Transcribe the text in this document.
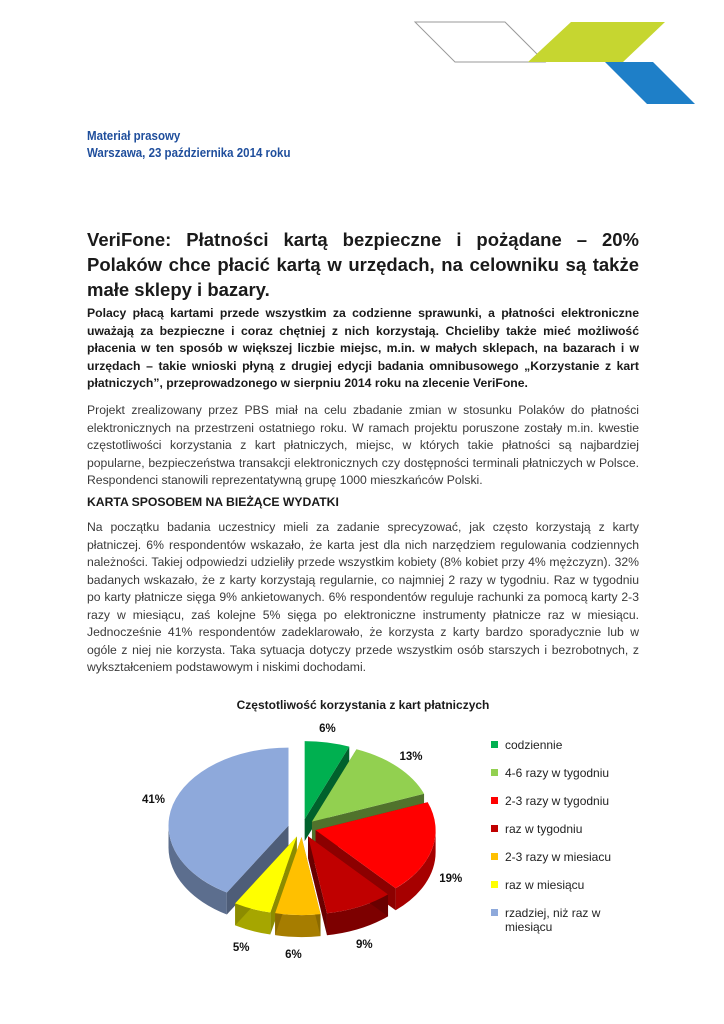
Materiał prasowy
Warszawa, 23 października 2014 roku
VeriFone: Płatności kartą bezpieczne i pożądane – 20% Polaków chce płacić kartą w urzędach, na celowniku są także małe sklepy i bazary.

Polacy płacą kartami przede wszystkim za codzienne sprawunki, a płatności elektroniczne uważają za bezpieczne i coraz chętniej z nich korzystają. Chcieliby także mieć możliwość płacenia w ten sposób w większej liczbie miejsc, m.in. w małych sklepach, na bazarach i w urzędach – takie wnioski płyną z drugiej edycji badania omnibusowego „Korzystanie z kart płatniczych”, przeprowadzonego w sierpniu 2014 roku na zlecenie VeriFone.

Projekt zrealizowany przez PBS miał na celu zbadanie zmian w stosunku Polaków do płatności elektronicznych na przestrzeni ostatniego roku. W ramach projektu poruszone zostały m.in. kwestie częstotliwości korzystania z kart płatniczych, miejsc, w których takie płatności są najbardziej popularne, bezpieczeństwa transakcji elektronicznych czy dostępności terminali płatniczych w Polsce. Respondenci stanowili reprezentatywną grupę 1000 mieszkańców Polski.

KARTA SPOSOBEM NA BIEŻĄCE WYDATKI

Na początku badania uczestnicy mieli za zadanie sprecyzować, jak często korzystają z karty płatniczej. 6% respondentów wskazało, że karta jest dla nich narzędziem regulowania codziennych należności. Takiej odpowiedzi udzieliły przede wszystkim kobiety (8% kobiet przy 4% mężczyzn). 32% badanych wskazało, że z karty korzystają regularnie, co najmniej 2 razy w tygodniu. Raz w tygodniu po karty płatnicze sięga 9% ankietowanych. 6% respondentów reguluje rachunki za pomocą karty 2-3 razy w miesiącu, zaś kolejne 5% sięga po elektroniczne instrumenty płatnicze raz w miesiącu. Jednocześnie 41% respondentów zadeklarowało, że korzysta z karty bardzo sporadycznie lub w ogóle z niej nie korzysta. Taka sytuacja dotyczy przede wszystkim osób starszych i bezrobotnych, z wykształceniem podstawowym i niskimi dochodami.

Częstotliwość korzystania z kart płatniczych
6%
13%
19%
9%
6%
5%
41%
codziennie
4-6 razy w tygodniu
2-3 razy w tygodniu
raz w tygodniu
2-3 razy w miesiacu
raz w miesiącu
rzadziej, niż raz w miesiącu
